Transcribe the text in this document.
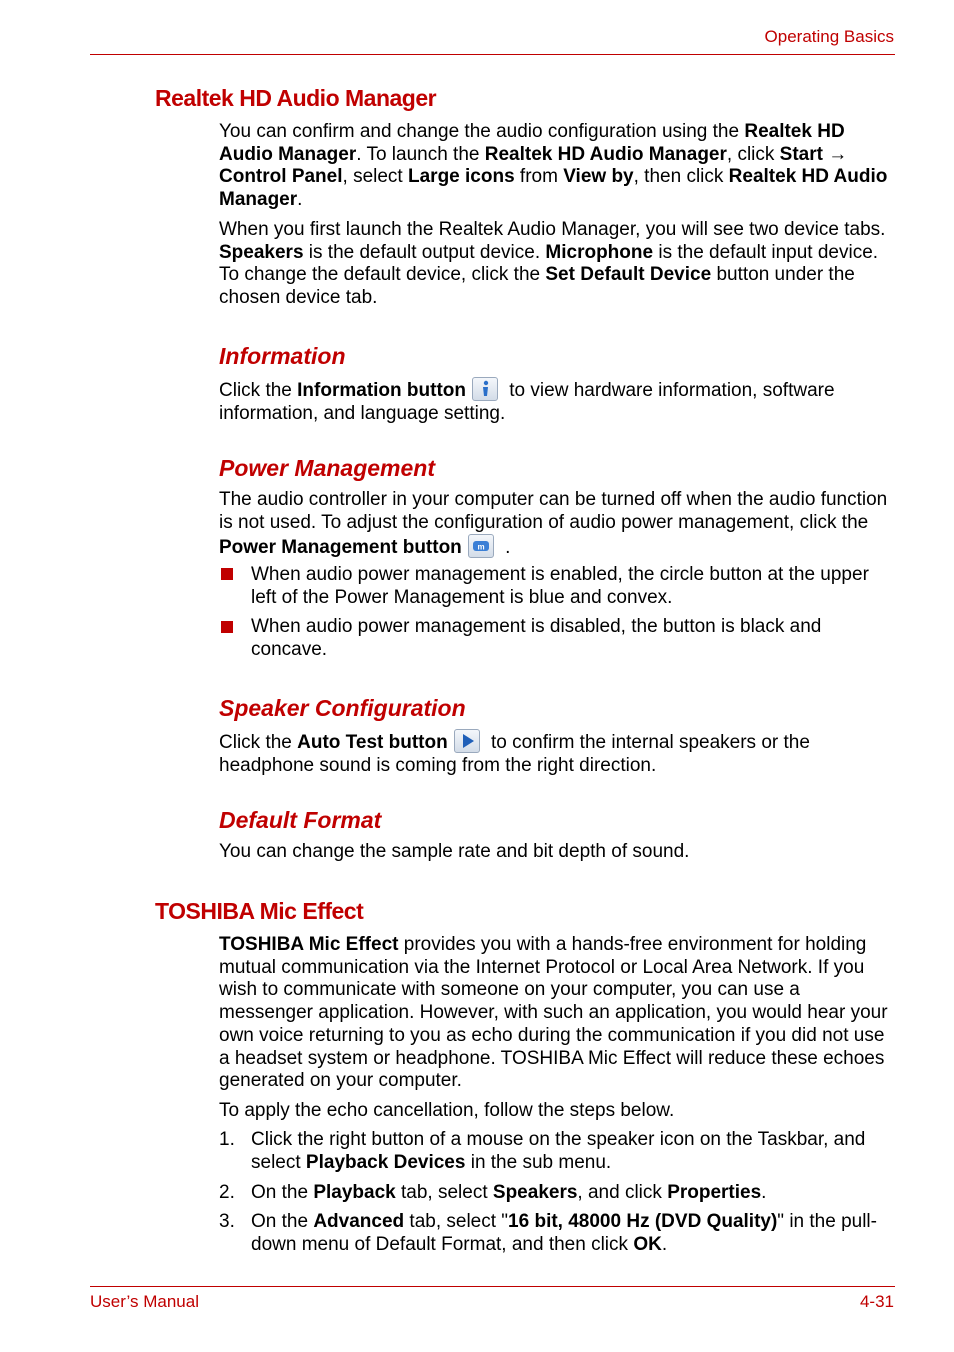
Operating Basics
Realtek HD Audio Manager

You can confirm and change the audio configuration using the Realtek HD Audio Manager. To launch the Realtek HD Audio Manager, click Start → Control Panel, select Large icons from View by, then click Realtek HD Audio Manager.

When you first launch the Realtek Audio Manager, you will see two device tabs. Speakers is the default output device. Microphone is the default input device. To change the default device, click the Set Default Device button under the chosen device tab.

Information

Click the Information button
to view hardware information, software information, and language setting.

Power Management

The audio controller in your computer can be turned off when the audio function is not used. To adjust the configuration of audio power management, click the Power Management button m .

When audio power management is enabled, the circle button at the upper left of the Power Management is blue and convex.

When audio power management is disabled, the button is black and concave.

Speaker Configuration

Click the Auto Test button
to confirm the internal speakers or the headphone sound is coming from the right direction.

Default Format

You can change the sample rate and bit depth of sound.

TOSHIBA Mic Effect

TOSHIBA Mic Effect provides you with a hands-free environment for holding mutual communication via the Internet Protocol or Local Area Network. If you wish to communicate with someone on your computer, you can use a messenger application. However, with such an application, you would hear your own voice returning to you as echo during the communication if you did not use a headset system or headphone. TOSHIBA Mic Effect will reduce these echoes generated on your computer.

To apply the echo cancellation, follow the steps below.

1. Click the right button of a mouse on the speaker icon on the Taskbar, and select Playback Devices in the sub menu.

2. On the Playback tab, select Speakers, and click Properties.

3. On the Advanced tab, select "16 bit, 48000 Hz (DVD Quality)" in the pull-down menu of Default Format, and then click OK.

User’s Manual	4-31
